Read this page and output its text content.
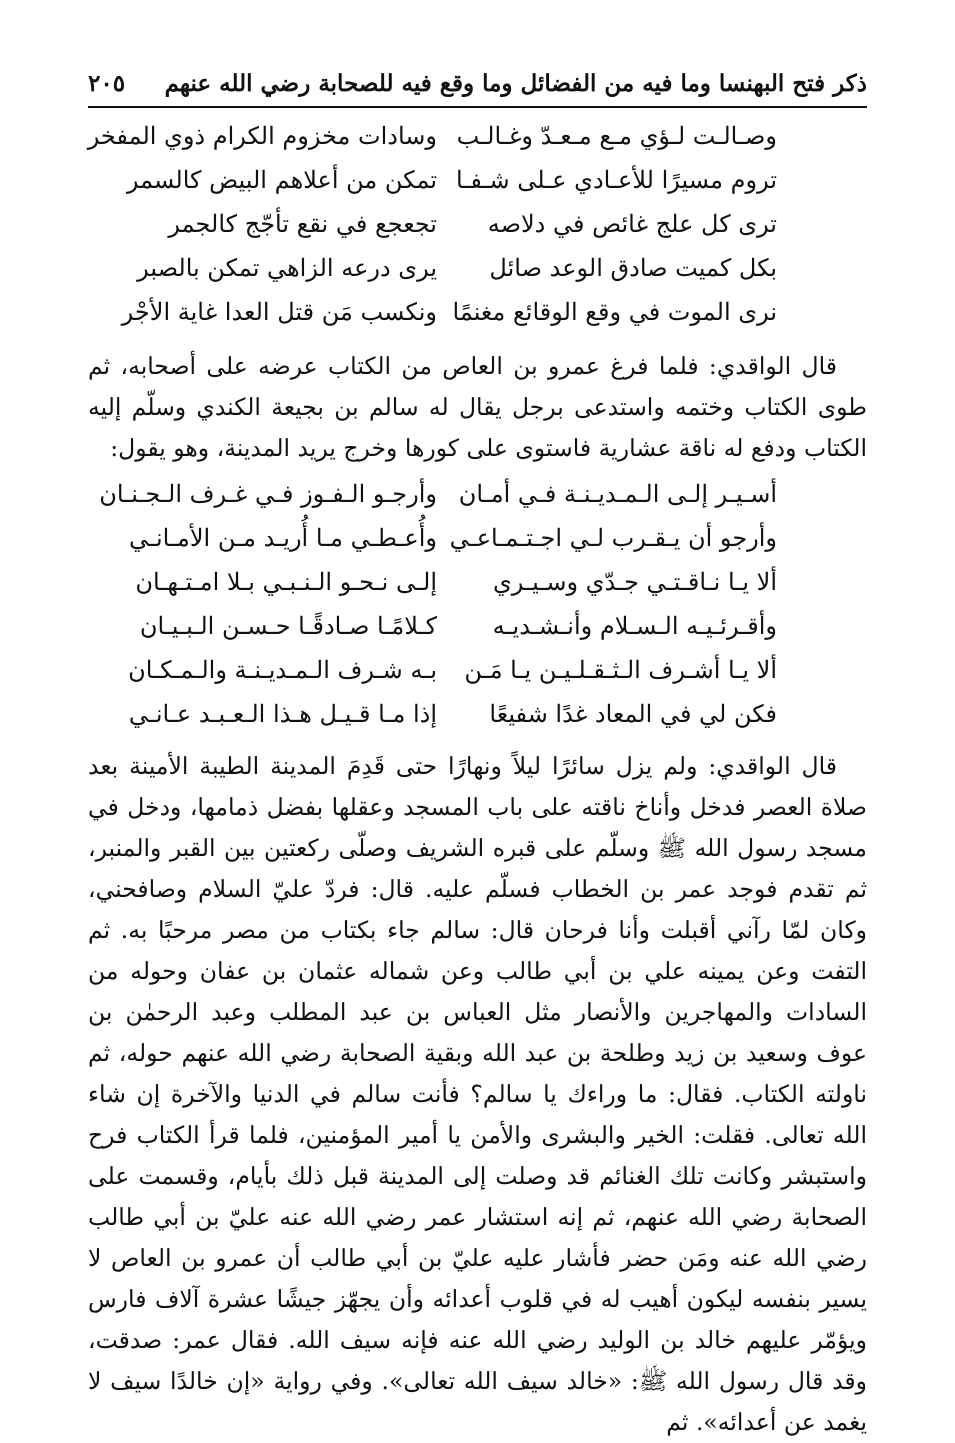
ذكر فتح البهنسا وما فيه من الفضائل وما وقع فيه للصحابة رضي الله عنهم
٢٠٥
وصـالـت لـؤي مـع مـعـدّ وغـالـب
وسادات مخزوم الكرام ذوي المفخر
تروم مسيرًا للأعـادي عـلى شـفـا
تمكن من أعلاهم البيض كالسمر
ترى كل علج غائص في دلاصه
تجعجع في نقع تأجّج كالجمر
بكل كميت صادق الوعد صائل
يرى درعه الزاهي تمكن بالصبر
نرى الموت في وقع الوقائع مغنمًا
ونكسب مَن قتل العدا غاية الأجْر

قال الواقدي: فلما فرغ عمرو بن العاص من الكتاب عرضه على أصحابه، ثم طوى الكتاب وختمه واستدعى برجل يقال له سالم بن بجيعة الكندي وسلّم إليه الكتاب ودفع له ناقة عشارية فاستوى على كورها وخرج يريد المدينة، وهو يقول:

أسـيـر إلـى الـمـديـنـة فـي أمـان
وأرجـو الـفـوز فـي غـرف الـجـنـان
وأرجو أن يـقـرب لـي اجـتـمـاعـي
وأُعـطـي مـا أُريـد مـن الأمـانـي
ألا يـا نـاقـتـي جـدّي وسـيـري
إلـى نـحـو الـنـبـي بـلا امـتـهـان
وأقـرئـيـه الـسـلام وأنـشـديـه
كـلامًـا صـادقًـا حـسـن الـبـيـان
ألا يـا أشـرف الـثـقـلـيـن يـا مَـن
بـه شـرف الـمـديـنـة والـمـكـان
فكن لي في المعاد غدًا شفيعًا
إذا مـا قـيـل هـذا الـعـبـد عـانـي

قال الواقدي: ولم يزل سائرًا ليلاً ونهارًا حتى قَدِمَ المدينة الطيبة الأمينة بعد صلاة العصر فدخل وأناخ ناقته على باب المسجد وعقلها بفضل ذمامها، ودخل في مسجد رسول الله ﷺ وسلّم على قبره الشريف وصلّى ركعتين بين القبر والمنبر، ثم تقدم فوجد عمر بن الخطاب فسلّم عليه. قال: فردّ عليّ السلام وصافحني، وكان لمّا رآني أقبلت وأنا فرحان قال: سالم جاء بكتاب من مصر مرحبًا به. ثم التفت وعن يمينه علي بن أبي طالب وعن شماله عثمان بن عفان وحوله من السادات والمهاجرين والأنصار مثل العباس بن عبد المطلب وعبد الرحمٰن بن عوف وسعيد بن زيد وطلحة بن عبد الله وبقية الصحابة رضي الله عنهم حوله، ثم ناولته الكتاب. فقال: ما وراءك يا سالم؟ فأنت سالم في الدنيا والآخرة إن شاء الله تعالى. فقلت: الخير والبشرى والأمن يا أمير المؤمنين، فلما قرأ الكتاب فرح واستبشر وكانت تلك الغنائم قد وصلت إلى المدينة قبل ذلك بأيام، وقسمت على الصحابة رضي الله عنهم، ثم إنه استشار عمر رضي الله عنه عليّ بن أبي طالب رضي الله عنه ومَن حضر فأشار عليه عليّ بن أبي طالب أن عمرو بن العاص لا يسير بنفسه ليكون أهيب له في قلوب أعدائه وأن يجهّز جيشًا عشرة آلاف فارس ويؤمّر عليهم خالد بن الوليد رضي الله عنه فإنه سيف الله. فقال عمر: صدقت، وقد قال رسول الله ﷺ: «خالد سيف الله تعالى». وفي رواية «إن خالدًا سيف لا يغمد عن أعدائه». ثم
